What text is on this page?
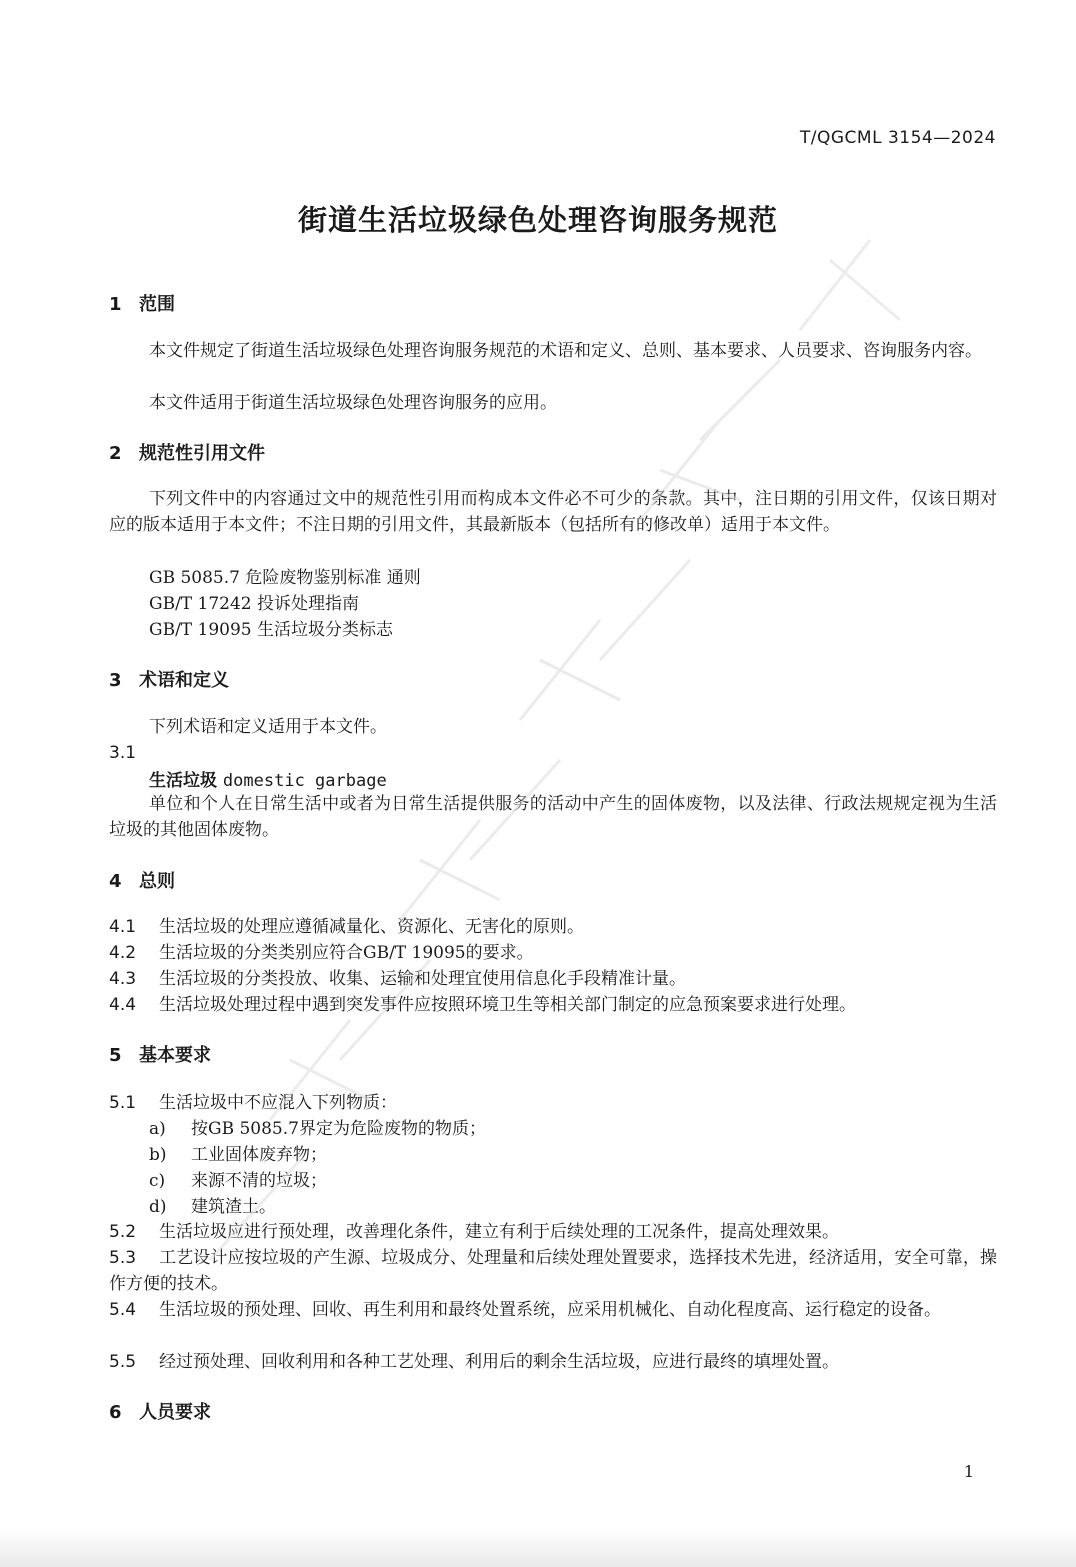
T/QGCML 3154—2024
街道生活垃圾绿色处理咨询服务规范
1 范围
本文件规定了街道生活垃圾绿色处理咨询服务规范的术语和定义、总则、基本要求、人员要求、咨询服务内容。
本文件适用于街道生活垃圾绿色处理咨询服务的应用。
2 规范性引用文件
下列文件中的内容通过文中的规范性引用而构成本文件必不可少的条款。其中，注日期的引用文件，仅该日期对应的版本适用于本文件；不注日期的引用文件，其最新版本（包括所有的修改单）适用于本文件。
GB 5085.7 危险废物鉴别标准 通则
GB/T 17242 投诉处理指南
GB/T 19095 生活垃圾分类标志
3 术语和定义
下列术语和定义适用于本文件。
3.1
生活垃圾 domestic garbage
单位和个人在日常生活中或者为日常生活提供服务的活动中产生的固体废物，以及法律、行政法规规定视为生活垃圾的其他固体废物。
4 总则
4.1 生活垃圾的处理应遵循减量化、资源化、无害化的原则。
4.2 生活垃圾的分类类别应符合GB/T 19095的要求。
4.3 生活垃圾的分类投放、收集、运输和处理宜使用信息化手段精准计量。
4.4 生活垃圾处理过程中遇到突发事件应按照环境卫生等相关部门制定的应急预案要求进行处理。
5 基本要求
5.1 生活垃圾中不应混入下列物质：
a) 按GB 5085.7界定为危险废物的物质；
b) 工业固体废弃物；
c) 来源不清的垃圾；
d) 建筑渣土。
5.2 生活垃圾应进行预处理，改善理化条件，建立有利于后续处理的工况条件，提高处理效果。
5.3 工艺设计应按垃圾的产生源、垃圾成分、处理量和后续处理处置要求，选择技术先进，经济适用，安全可靠，操作方便的技术。
5.4 生活垃圾的预处理、回收、再生利用和最终处置系统，应采用机械化、自动化程度高、运行稳定的设备。
5.5 经过预处理、回收利用和各种工艺处理、利用后的剩余生活垃圾，应进行最终的填埋处置。
6 人员要求
1
